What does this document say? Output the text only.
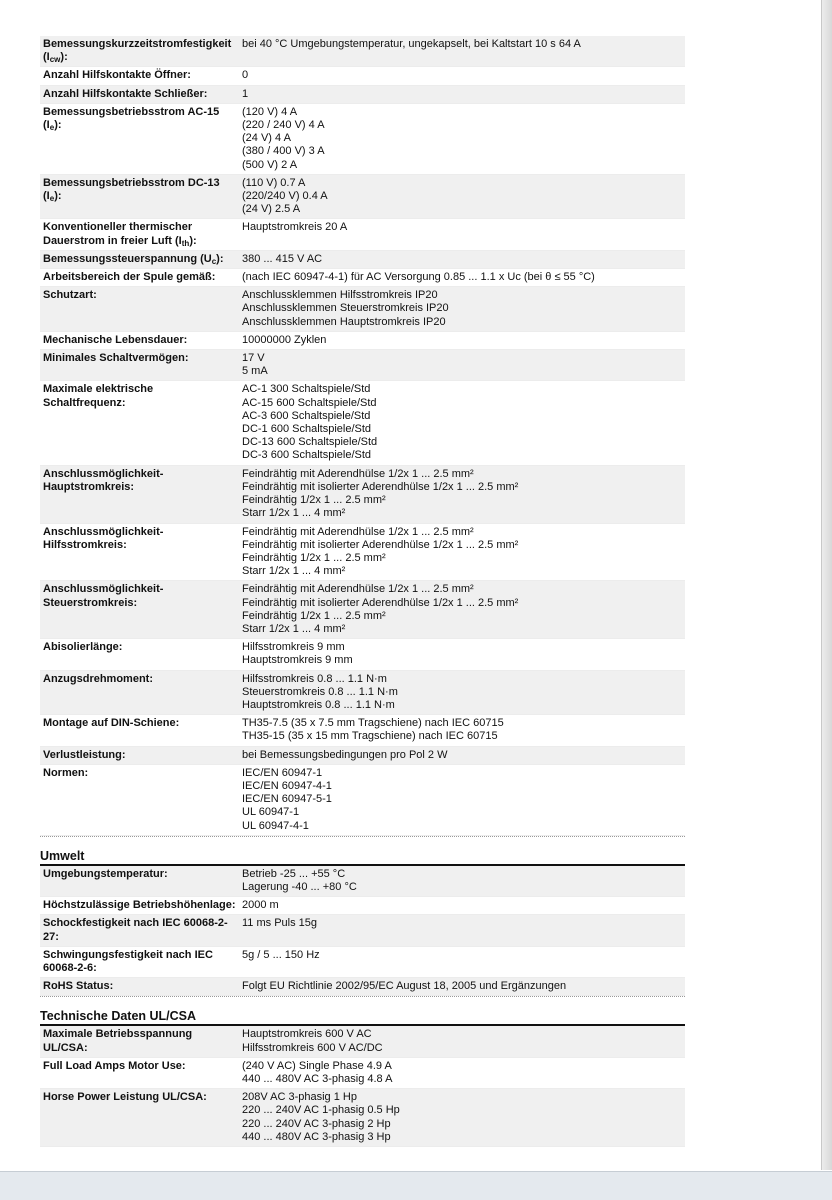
Bemessungskurzzeitstromfestigkeit $(I_{cw})$:
bei 40 °C Umgebungstemperatur, ungekapselt, bei Kaltstart 10 s 64 A
Anzahl Hilfskontakte Öffner:	0
Anzahl Hilfskontakte Schließer:	1
Bemessungsbetriebsstrom AC-15 $(I_e)$:
(120 V) 4 A
(220 / 240 V) 4 A
(24 V) 4 A
(380 / 400 V) 3 A
(500 V) 2 A
Bemessungsbetriebsstrom DC-13 $(I_e)$:
(110 V) 0.7 A
(220/240 V) 0.4 A
(24 V) 2.5 A
Konventioneller thermischer Dauerstrom in freier Luft $(I_{th})$:
Hauptstromkreis 20 A
Bemessungssteuerspannung $(U_c)$:	380 ... 415 V AC
Arbeitsbereich der Spule gemäß:	(nach IEC 60947-4-1) für AC Versorgung 0.85 ... 1.1 x Uc (bei θ ≤ 55 °C)
Schutzart:	Anschlussklemmen Hilfsstromkreis IP20
Anschlussklemmen Steuerstromkreis IP20
Anschlussklemmen Hauptstromkreis IP20
Mechanische Lebensdauer:	10000000 Zyklen
Minimales Schaltvermögen:	17 V
5 mA
Maximale elektrische Schaltfrequenz:
AC-1 300 Schaltspiele/Std
AC-15 600 Schaltspiele/Std
AC-3 600 Schaltspiele/Std
DC-1 600 Schaltspiele/Std
DC-13 600 Schaltspiele/Std
DC-3 600 Schaltspiele/Std
Anschlussmöglichkeit-Hauptstromkreis:
Feindrähtig mit Aderendhülse 1/2x 1 ... 2.5 mm²
Feindrähtig mit isolierter Aderendhülse 1/2x 1 ... 2.5 mm²
Feindrähtig 1/2x 1 ... 2.5 mm²
Starr 1/2x 1 ... 4 mm²
Anschlussmöglichkeit-Hilfsstromkreis:
Feindrähtig mit Aderendhülse 1/2x 1 ... 2.5 mm²
Feindrähtig mit isolierter Aderendhülse 1/2x 1 ... 2.5 mm²
Feindrähtig 1/2x 1 ... 2.5 mm²
Starr 1/2x 1 ... 4 mm²
Anschlussmöglichkeit-Steuerstromkreis:
Feindrähtig mit Aderendhülse 1/2x 1 ... 2.5 mm²
Feindrähtig mit isolierter Aderendhülse 1/2x 1 ... 2.5 mm²
Feindrähtig 1/2x 1 ... 2.5 mm²
Starr 1/2x 1 ... 4 mm²
Abisolierlänge:	Hilfsstromkreis 9 mm
Hauptstromkreis 9 mm
Anzugsdrehmoment:	Hilfsstromkreis 0.8 ... 1.1 N·m
Steuerstromkreis 0.8 ... 1.1 N·m
Hauptstromkreis 0.8 ... 1.1 N·m
Montage auf DIN-Schiene:	TH35-7.5 (35 x 7.5 mm Tragschiene) nach IEC 60715
TH35-15 (35 x 15 mm Tragschiene) nach IEC 60715
Verlustleistung:	bei Bemessungsbedingungen pro Pol 2 W
Normen:	IEC/EN 60947-1
IEC/EN 60947-4-1
IEC/EN 60947-5-1
UL 60947-1
UL 60947-4-1
Umwelt
Umgebungstemperatur:	Betrieb -25 ... +55 °C
Lagerung -40 ... +80 °C
Höchstzulässige Betriebshöhenlage: 2000 m
Schockfestigkeit nach IEC 60068-2-27:
11 ms Puls 15g
Schwingungsfestigkeit nach IEC 60068-2-6:
5g / 5 ... 150 Hz
RoHS Status:	Folgt EU Richtlinie 2002/95/EC August 18, 2005 und Ergänzungen
Technische Daten UL/CSA
Maximale Betriebsspannung UL/CSA:
Hauptstromkreis 600 V AC
Hilfsstromkreis 600 V AC/DC
Full Load Amps Motor Use:	(240 V AC) Single Phase 4.9 A
440 ... 480V AC 3-phasig 4.8 A
Horse Power Leistung UL/CSA:	208V AC 3-phasig 1 Hp
220 ... 240V AC 1-phasig 0.5 Hp
220 ... 240V AC 3-phasig 2 Hp
440 ... 480V AC 3-phasig 3 Hp
